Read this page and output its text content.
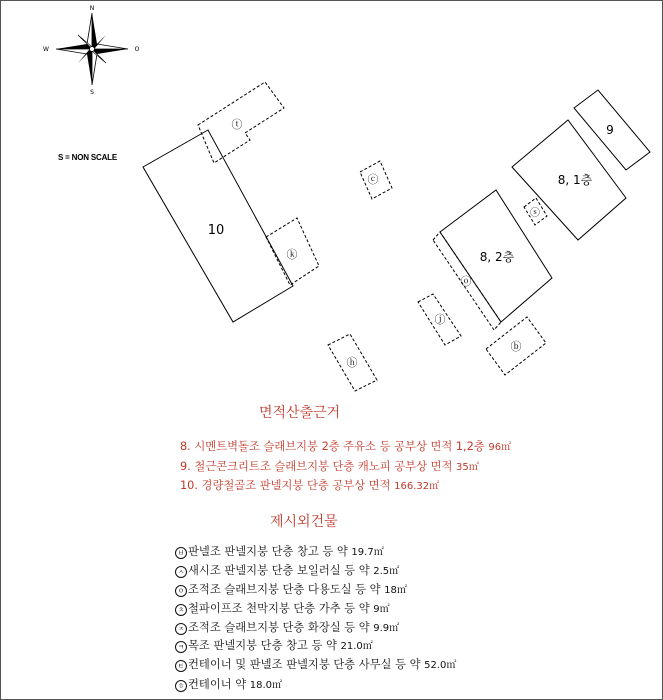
N
S
O
W
10
ⓣ
ⓚ
ⓒ
8, 2층
ⓞ
8, 1층
ⓢ
9
ⓙ
ⓗ
ⓑ
S = NON SCALE
면적산출근거
8. 시멘트벽돌조 슬래브지붕 2층 주유소 등 공부상 면적 1,2층 96㎡
9. 철근콘크리트조 슬래브지붕 단층 캐노피 공부상 면적 35㎡
10. 경량철골조 판넬지붕 단층 공부상 면적 166.32㎡
제시외건물
ㅂ 판넬조 판넬지붕 단층 창고 등 약 19.7㎡
ㅅ 새시조 판넬지붕 단층 보일러실 등 약 2.5㎡
ㅇ 조적조 슬래브지붕 단층 다용도실 등 약 18㎡
ㅊ 철파이프조 천막지붕 단층 가추 등 약 9㎡
ㅈ 조적조 슬래브지붕 단층 화장실 등 약 9.9㎡
ㅋ 목조 판넬지붕 단층 창고 등 약 21.0㎡
ㅌ 컨테이너 및 판넬조 판넬지붕 단층 사무실 등 약 52.0㎡
ㅎ 컨테이너 약 18.0㎡
